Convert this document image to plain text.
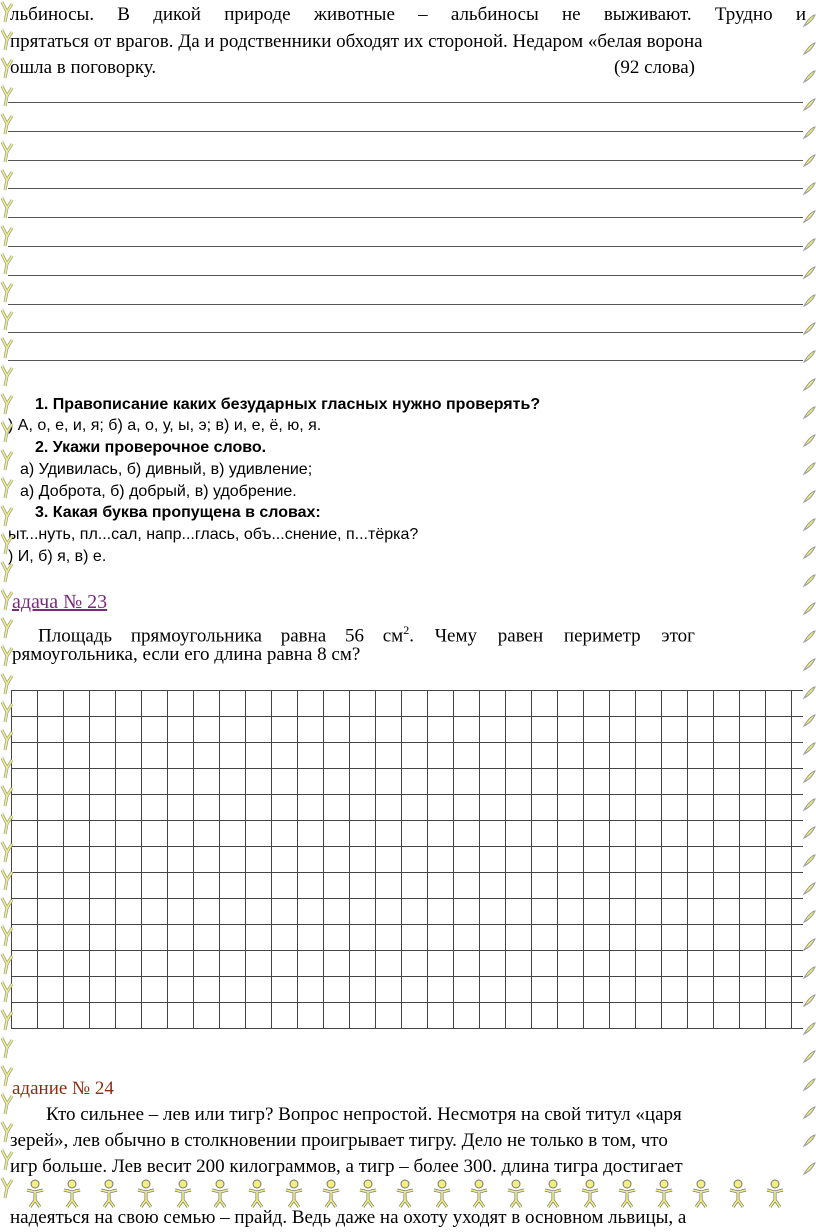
льбиносы. В дикой природе животные – альбиносы не выживают. Трудно и
прятаться от врагов. Да и родственники обходят их стороной. Недаром «белая ворона
ошла в поговорку.	(92 слова)
1. Правописание каких безударных гласных нужно проверять?
) А, о, е, и, я; б) а, о, у, ы, э; в) и, е, ё, ю, я.
2. Укажи проверочное слово.
а) Удивилась, б) дивный, в) удивление;
а) Доброта, б) добрый, в) удобрение.
3. Какая буква пропущена в словах:
ыт...нуть, пл...сал, напр...глась, объ...снение, п...тёрка?
) И, б) я, в) е.
адача № 23
Площадь прямоугольника равна 56 $см^2$. Чему равен периметр этог
рямоугольника, если его длина равна 8 см?
адание № 24
Кто сильнее – лев или тигр? Вопрос непростой. Несмотря на свой титул «царя
зерей», лев обычно в столкновении проигрывает тигру. Дело не только в том, что
игр больше. Лев весит 200 килограммов, а тигр – более 300. длина тигра достигает
надеяться на свою семью – прайд. Ведь даже на охоту уходят в основном львицы, а
